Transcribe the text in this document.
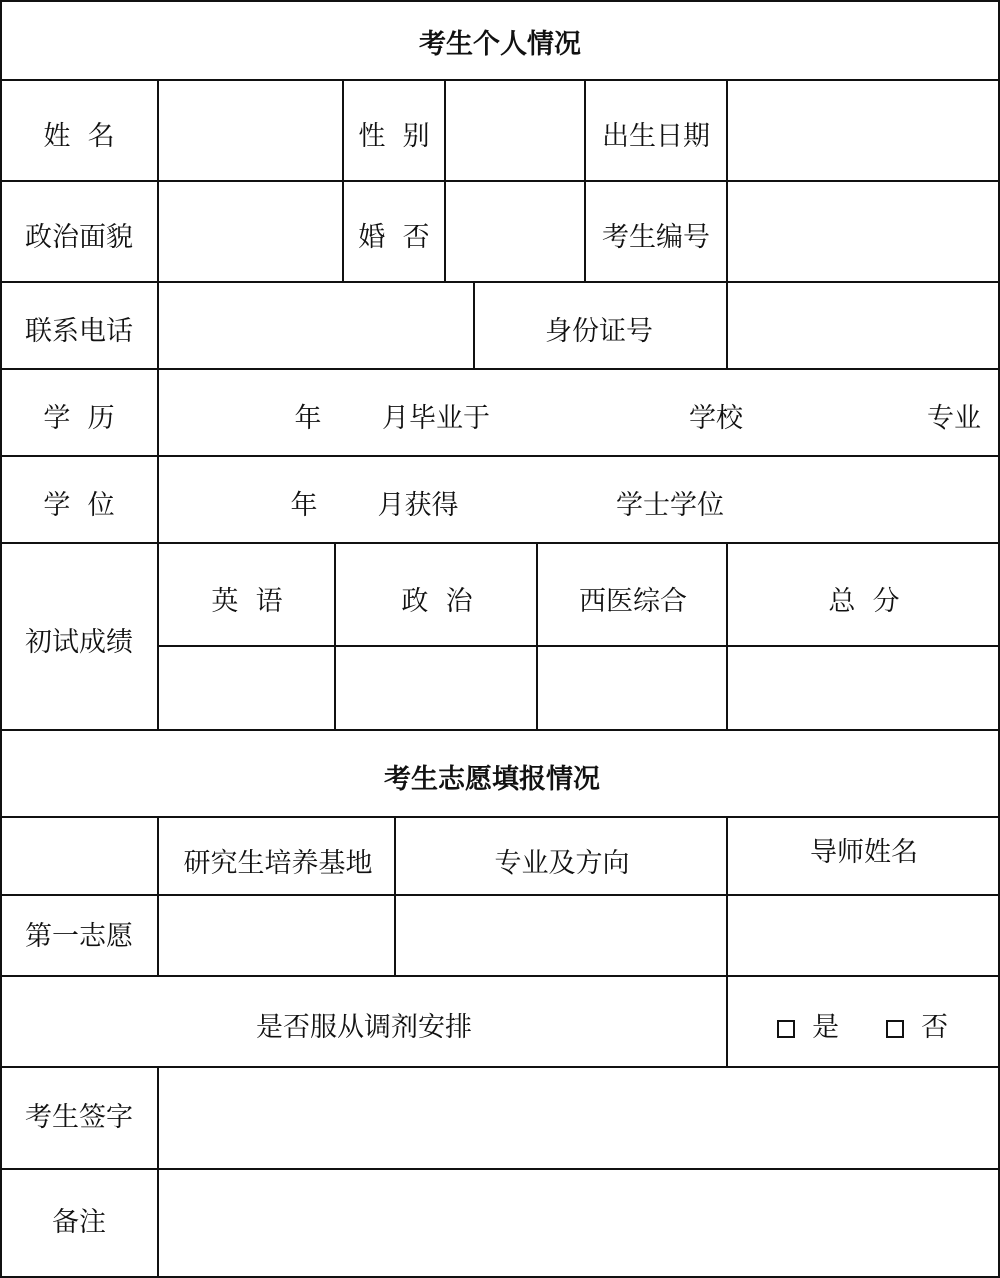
考生个人情况
姓  名	性  别	出生日期
政治面貌	婚  否	考生编号
联系电话	身份证号
学  历	年 月毕业于	学校	专业
学  位	年 月获得	学士学位
初试成绩
英  语	政  治	西医综合	总  分
考生志愿填报情况
研究生培养基地	专业及方向	导师姓名
第一志愿
是否服从调剂安排	是	否
考生签字
备注
